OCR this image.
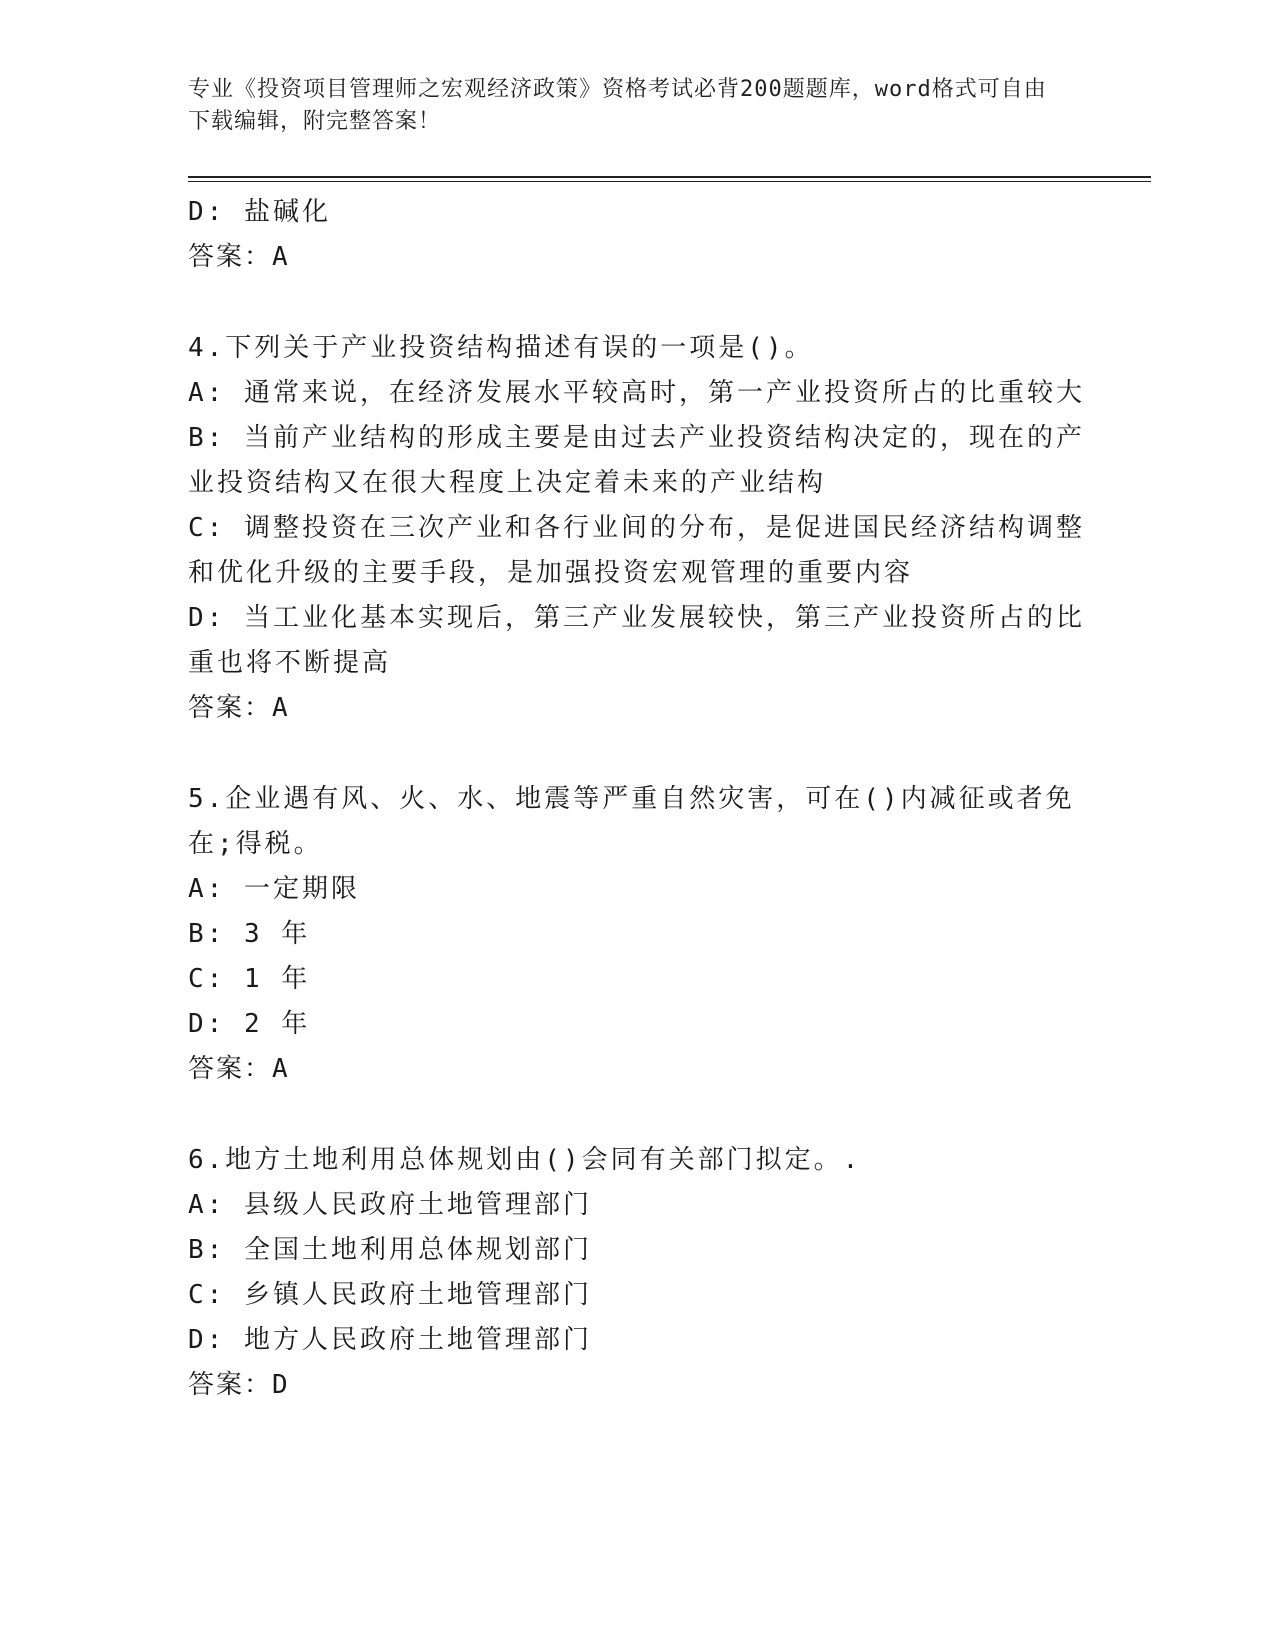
专业《投资项目管理师之宏观经济政策》资格考试必背200题题库，word格式可自由下载编辑，附完整答案！
D: 盐碱化
答案：A
4.下列关于产业投资结构描述有误的一项是()。
A: 通常来说，在经济发展水平较高时，第一产业投资所占的比重较大
B: 当前产业结构的形成主要是由过去产业投资结构决定的，现在的产
业投资结构又在很大程度上决定着未来的产业结构
C: 调整投资在三次产业和各行业间的分布，是促进国民经济结构调整
和优化升级的主要手段，是加强投资宏观管理的重要内容
D: 当工业化基本实现后，第三产业发展较快，第三产业投资所占的比
重也将不断提高
答案：A
5.企业遇有风、火、水、地震等严重自然灾害，可在()内减征或者免
在;得税。
A: 一定期限
B: 3 年
C: 1 年
D: 2 年
答案：A
6.地方土地利用总体规划由()会同有关部门拟定。.
A: 县级人民政府土地管理部门
B: 全国土地利用总体规划部门
C: 乡镇人民政府土地管理部门
D: 地方人民政府土地管理部门
答案：D
